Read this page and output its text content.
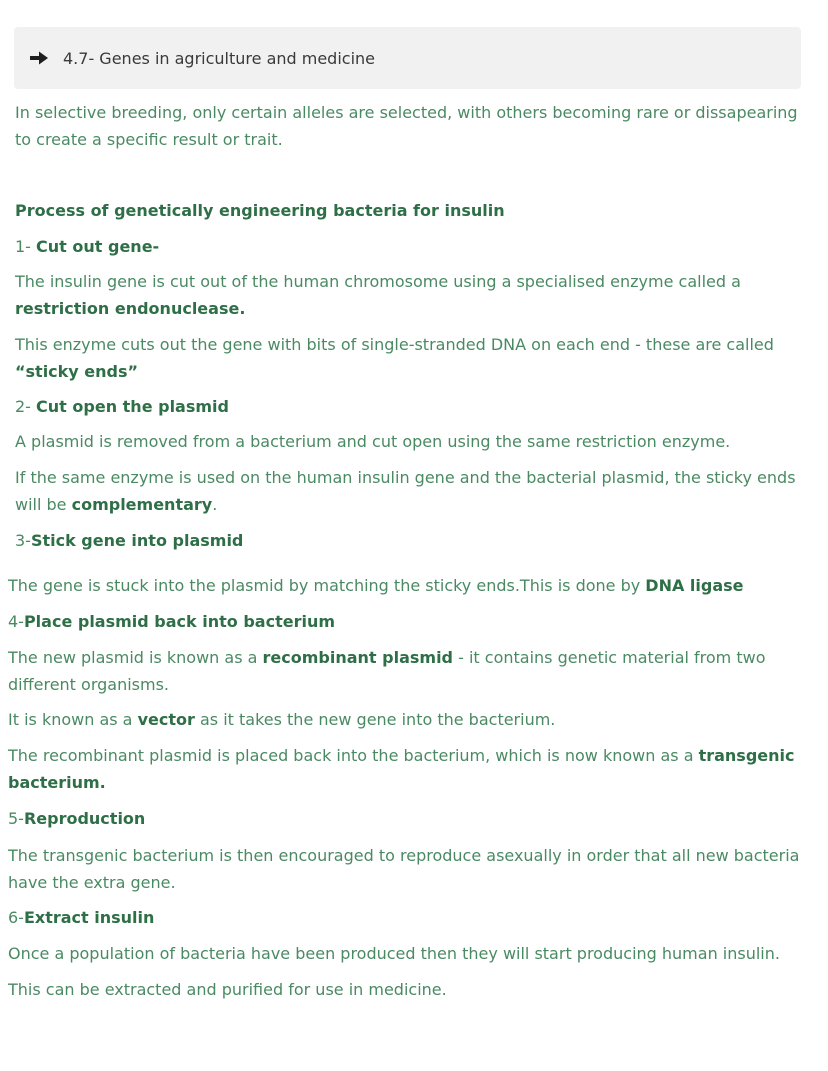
4.7- Genes in agriculture and medicine
In selective breeding, only certain alleles are selected, with others becoming rare or dissapearing to create a specific result or trait.
Process of genetically engineering bacteria for insulin
1- Cut out gene-
The insulin gene is cut out of the human chromosome using a specialised enzyme called a restriction endonuclease.
This enzyme cuts out the gene with bits of single-stranded DNA on each end - these are called “sticky ends”
2- Cut open the plasmid
A plasmid is removed from a bacterium and cut open using the same restriction enzyme.
If the same enzyme is used on the human insulin gene and the bacterial plasmid, the sticky ends will be complementary.
3-Stick gene into plasmid
The gene is stuck into the plasmid by matching the sticky ends.This is done by DNA ligase
4-Place plasmid back into bacterium
The new plasmid is known as a recombinant plasmid - it contains genetic material from two different organisms.
It is known as a vector as it takes the new gene into the bacterium.
The recombinant plasmid is placed back into the bacterium, which is now known as a transgenic bacterium.
5-Reproduction
The transgenic bacterium is then encouraged to reproduce asexually in order that all new bacteria have the extra gene.
6-Extract insulin
Once a population of bacteria have been produced then they will start producing human insulin.
This can be extracted and purified for use in medicine.
